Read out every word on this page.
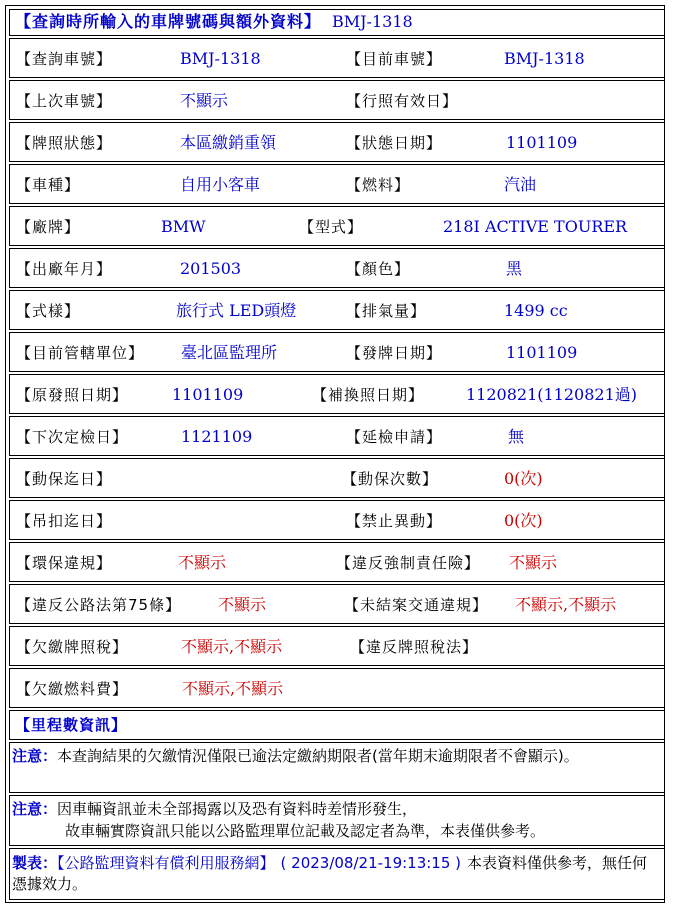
【查詢時所輸入的車牌號碼與額外資料】 BMJ-1318
【查詢車號】	BMJ-1318	【目前車號】	BMJ-1318
【上次車號】	不顯示	【行照有效日】
【牌照狀態】	本區繳銷重領	【狀態日期】	1101109
【車種】	自用小客車	【燃料】	汽油
【廠牌】	BMW	【型式】	218I ACTIVE TOURER
【出廠年月】	201503	【顏色】	黑
【式樣】	旅行式 LED頭燈	【排氣量】	1499 cc
【目前管轄單位】 臺北區監理所	【發牌日期】	1101109
【原發照日期】	1101109	【補換照日期】	1120821(1120821過)
【下次定檢日】	1121109	【延檢申請】	無
【動保迄日】	【動保次數】	0(次)
【吊扣迄日】	【禁止異動】	0(次)
【環保違規】	不顯示	【違反強制責任險】 不顯示
【違反公路法第75條】 不顯示	【未結案交通違規】 不顯示,不顯示
【欠繳牌照稅】	不顯示,不顯示	【違反牌照稅法】
【欠繳燃料費】	不顯示,不顯示
【里程數資訊】
注意：本查詢結果的欠繳情況僅限已逾法定繳納期限者(當年期末逾期限者不會顯示)。
注意：因車輛資訊並未全部揭露以及恐有資料時差情形發生，
故車輛實際資訊只能以公路監理單位記載及認定者為準，本表僅供參考。
製表：【公路監理資料有償利用服務網】 ( 2023/08/21-19:13:15 ) 本表資料僅供參考，無任何憑據效力。
